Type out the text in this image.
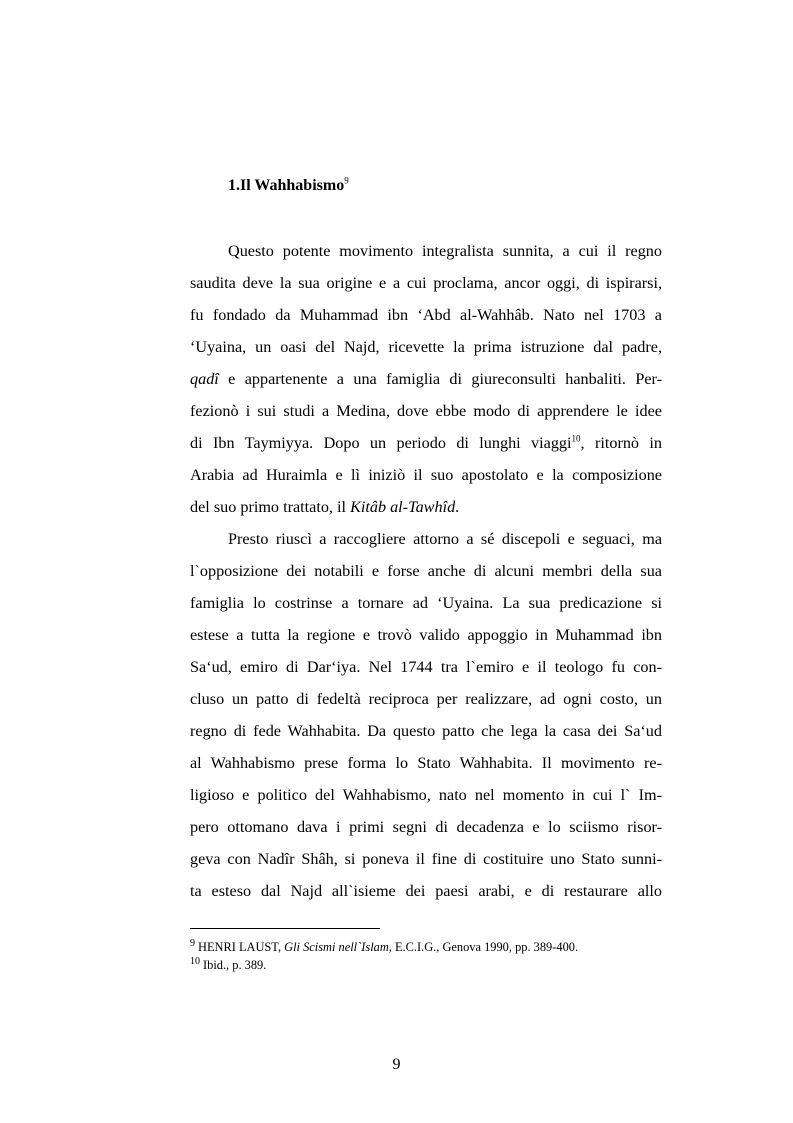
1.Il Wahhabismo$^9$
Questo potente movimento integralista sunnita, a cui il regno
saudita deve la sua origine e a cui proclama, ancor oggi, di ispirarsi,
fu fondado da Muhammad ibn ‘Abd al-Wahhâb. Nato nel 1703 a
‘Uyaina, un oasi del Najd, ricevette la prima istruzione dal padre,
qadî e appartenente a una famiglia di giureconsulti hanbaliti. Per-
fezionò i sui studi a Medina, dove ebbe modo di apprendere le idee
di Ibn Taymiyya. Dopo un periodo di lunghi viaggi$^{10}$, ritornò in
Arabia ad Huraimla e lì iniziò il suo apostolato e la composizione
del suo primo trattato, il Kitâb al-Tawhîd.
Presto riuscì a raccogliere attorno a sé discepoli e seguaci, ma
l`opposizione dei notabili e forse anche di alcuni membri della sua
famiglia lo costrinse a tornare ad ‘Uyaina. La sua predicazione si
estese a tutta la regione e trovò valido appoggio in Muhammad ibn
Sa‘ud, emiro di Dar‘iya. Nel 1744 tra l`emiro e il teologo fu con-
cluso un patto di fedeltà reciproca per realizzare, ad ogni costo, un
regno di fede Wahhabita. Da questo patto che lega la casa dei Sa‘ud
al Wahhabismo prese forma lo Stato Wahhabita. Il movimento re-
ligioso e politico del Wahhabismo, nato nel momento in cui l` Im-
pero ottomano dava i primi segni di decadenza e lo sciismo risor-
geva con Nadîr Shâh, si poneva il fine di costituire uno Stato sunni-
ta esteso dal Najd all`isieme dei paesi arabi, e di restaurare allo
$^9$ HENRI LAUST, Gli Scismi nell`Islam, E.C.I.G., Genova 1990, pp. 389-400.
$^{10}$ Ibid., p. 389.
9
